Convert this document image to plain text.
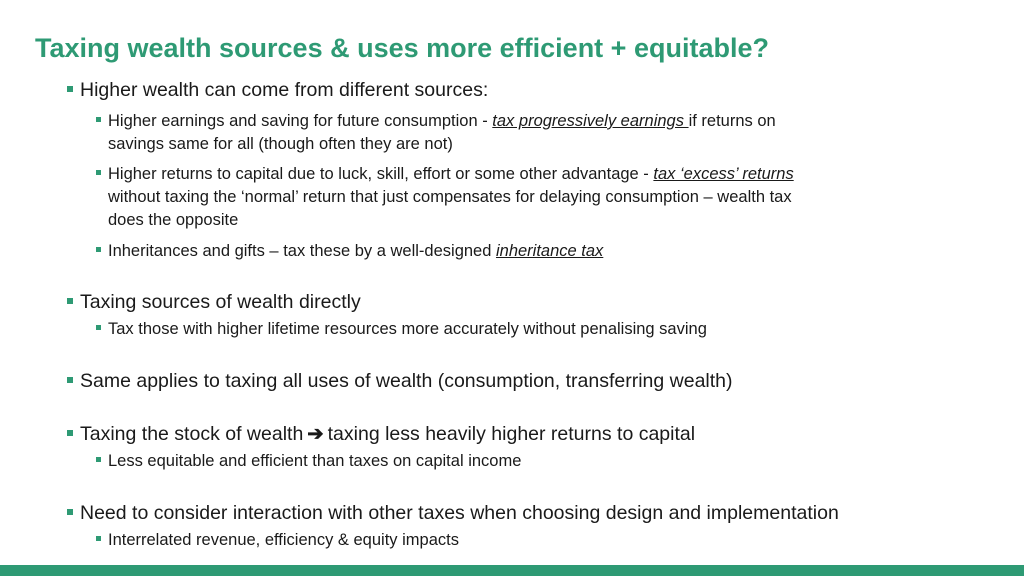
Taxing wealth sources & uses more efficient + equitable?
Higher wealth can come from different sources:
Higher earnings and saving for future consumption - tax progressively earnings if returns on
savings same for all (though often they are not)
Higher returns to capital due to luck, skill, effort or some other advantage - tax ‘excess’ returns
without taxing the ‘normal’ return that just compensates for delaying consumption – wealth tax
does the opposite
Inheritances and gifts – tax these by a well-designed inheritance tax
Taxing sources of wealth directly
Tax those with higher lifetime resources more accurately without penalising saving
Same applies to taxing all uses of wealth (consumption, transferring wealth)
Taxing the stock of wealth ➔ taxing less heavily higher returns to capital
Less equitable and efficient than taxes on capital income
Need to consider interaction with other taxes when choosing design and implementation
Interrelated revenue, efficiency & equity impacts
